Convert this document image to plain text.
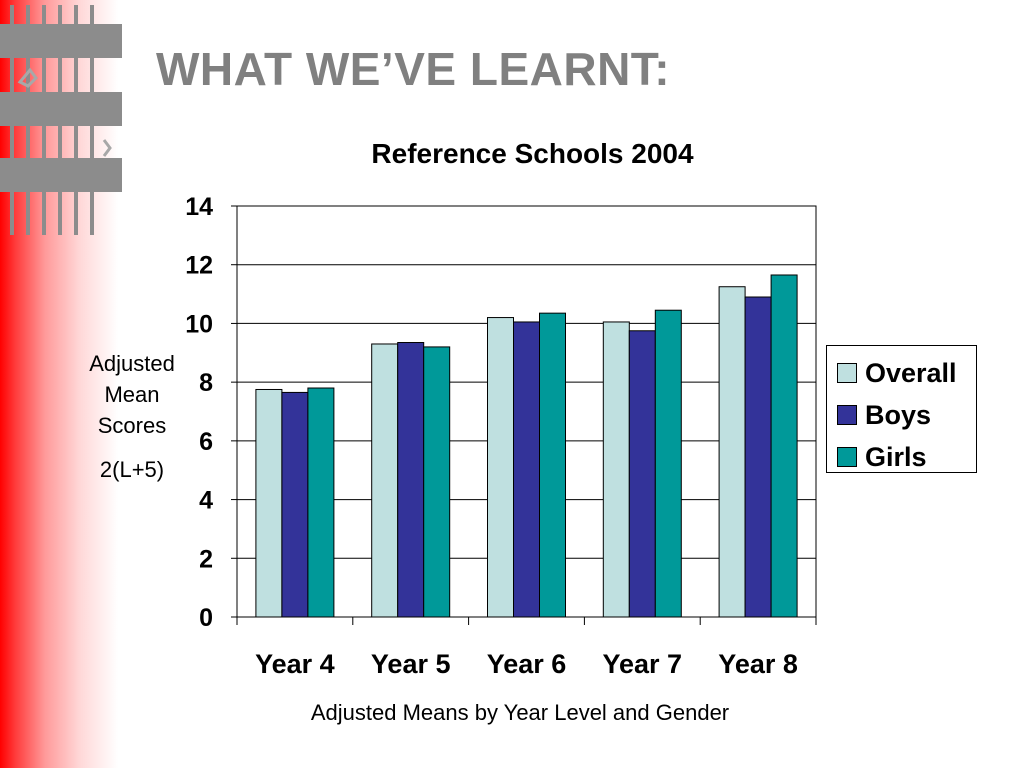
WHAT WE’VE LEARNT:
Reference Schools 2004
0
2
4
6
8
10
12
14
Year 4 Year 5 Year 6 Year 7 Year 8
Adjusted Mean Scores
2(L+5)
Overall
Boys
Girls
Adjusted Means by Year Level and Gender
